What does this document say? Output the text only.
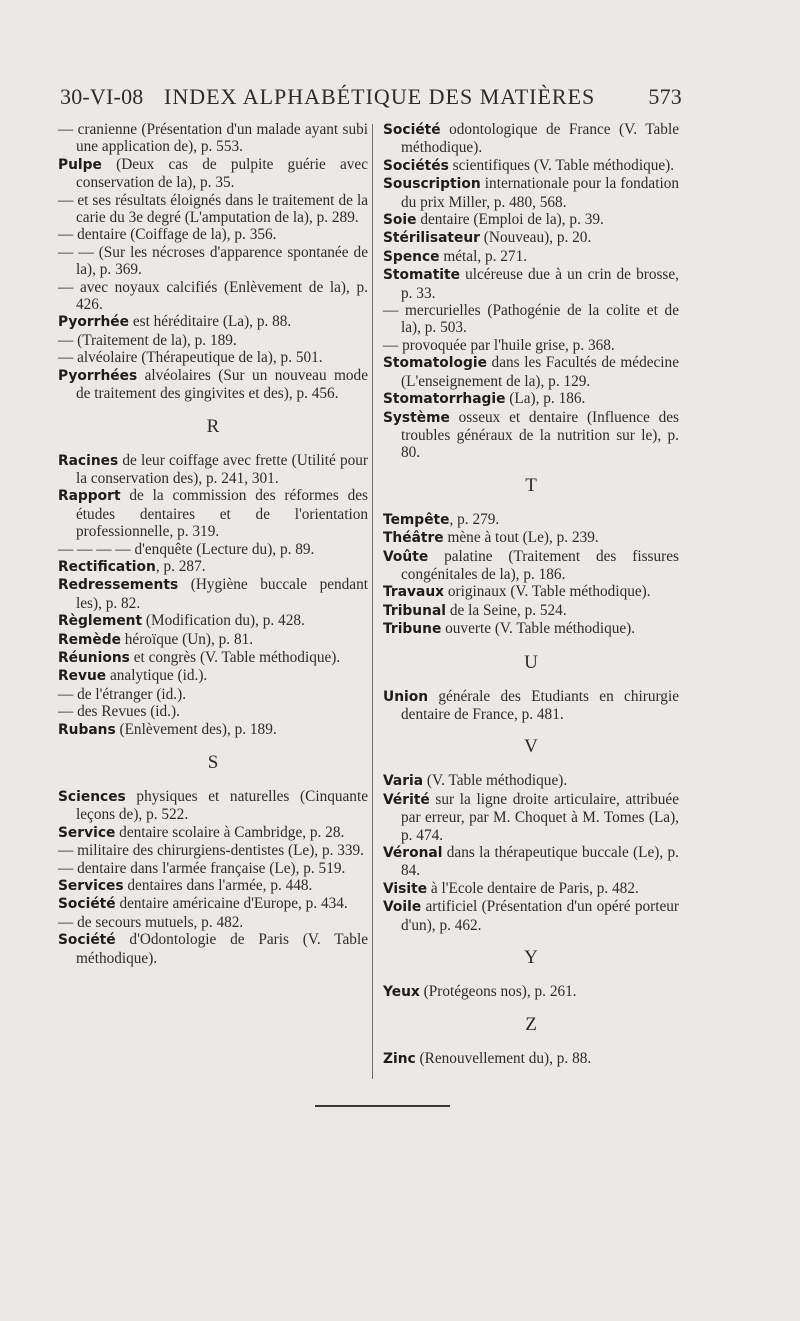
30-VI-08 INDEX ALPHABÉTIQUE DES MATIÈRES 573

— cranienne (Présentation d'un malade ayant subi une application de), p. 553.

Pulpe (Deux cas de pulpite guérie avec conservation de la), p. 35.

— et ses résultats éloignés dans le traitement de la carie du 3e degré (L'amputation de la), p. 289.

— dentaire (Coiffage de la), p. 356.

— — (Sur les nécroses d'apparence spontanée de la), p. 369.

— avec noyaux calcifiés (Enlèvement de la), p. 426.

Pyorrhée est héréditaire (La), p. 88.

— (Traitement de la), p. 189.

— alvéolaire (Thérapeutique de la), p. 501.

Pyorrhées alvéolaires (Sur un nouveau mode de traitement des gingivites et des), p. 456.

R

Racines de leur coiffage avec frette (Utilité pour la conservation des), p. 241, 301.

Rapport de la commission des réformes des études dentaires et de l'orientation professionnelle, p. 319.

— — — — d'enquête (Lecture du), p. 89.

Rectification, p. 287.

Redressements (Hygiène buccale pendant les), p. 82.

Règlement (Modification du), p. 428.

Remède héroïque (Un), p. 81.

Réunions et congrès (V. Table méthodique).

Revue analytique (id.).

— de l'étranger (id.).

— des Revues (id.).

Rubans (Enlèvement des), p. 189.

S

Sciences physiques et naturelles (Cinquante leçons de), p. 522.

Service dentaire scolaire à Cambridge, p. 28.

— militaire des chirurgiens-dentistes (Le), p. 339.

— dentaire dans l'armée française (Le), p. 519.

Services dentaires dans l'armée, p. 448.

Société dentaire américaine d'Europe, p. 434.

— de secours mutuels, p. 482.

Société d'Odontologie de Paris (V. Table méthodique).

Société odontologique de France (V. Table méthodique).

Sociétés scientifiques (V. Table méthodique).

Souscription internationale pour la fondation du prix Miller, p. 480, 568.

Soie dentaire (Emploi de la), p. 39.

Stérilisateur (Nouveau), p. 20.

Spence métal, p. 271.

Stomatite ulcéreuse due à un crin de brosse, p. 33.

— mercurielles (Pathogénie de la colite et de la), p. 503.

— provoquée par l'huile grise, p. 368.

Stomatologie dans les Facultés de médecine (L'enseignement de la), p. 129.

Stomatorrhagie (La), p. 186.

Système osseux et dentaire (Influence des troubles généraux de la nutrition sur le), p. 80.

T

Tempête, p. 279.

Théâtre mène à tout (Le), p. 239.

Voûte palatine (Traitement des fissures congénitales de la), p. 186.

Travaux originaux (V. Table méthodique).

Tribunal de la Seine, p. 524.

Tribune ouverte (V. Table méthodique).

U

Union générale des Etudiants en chirurgie dentaire de France, p. 481.

V

Varia (V. Table méthodique).

Vérité sur la ligne droite articulaire, attribuée par erreur, par M. Choquet à M. Tomes (La), p. 474.

Véronal dans la thérapeutique buccale (Le), p. 84.

Visite à l'Ecole dentaire de Paris, p. 482.

Voile artificiel (Présentation d'un opéré porteur d'un), p. 462.

Y

Yeux (Protégeons nos), p. 261.

Z

Zinc (Renouvellement du), p. 88.
